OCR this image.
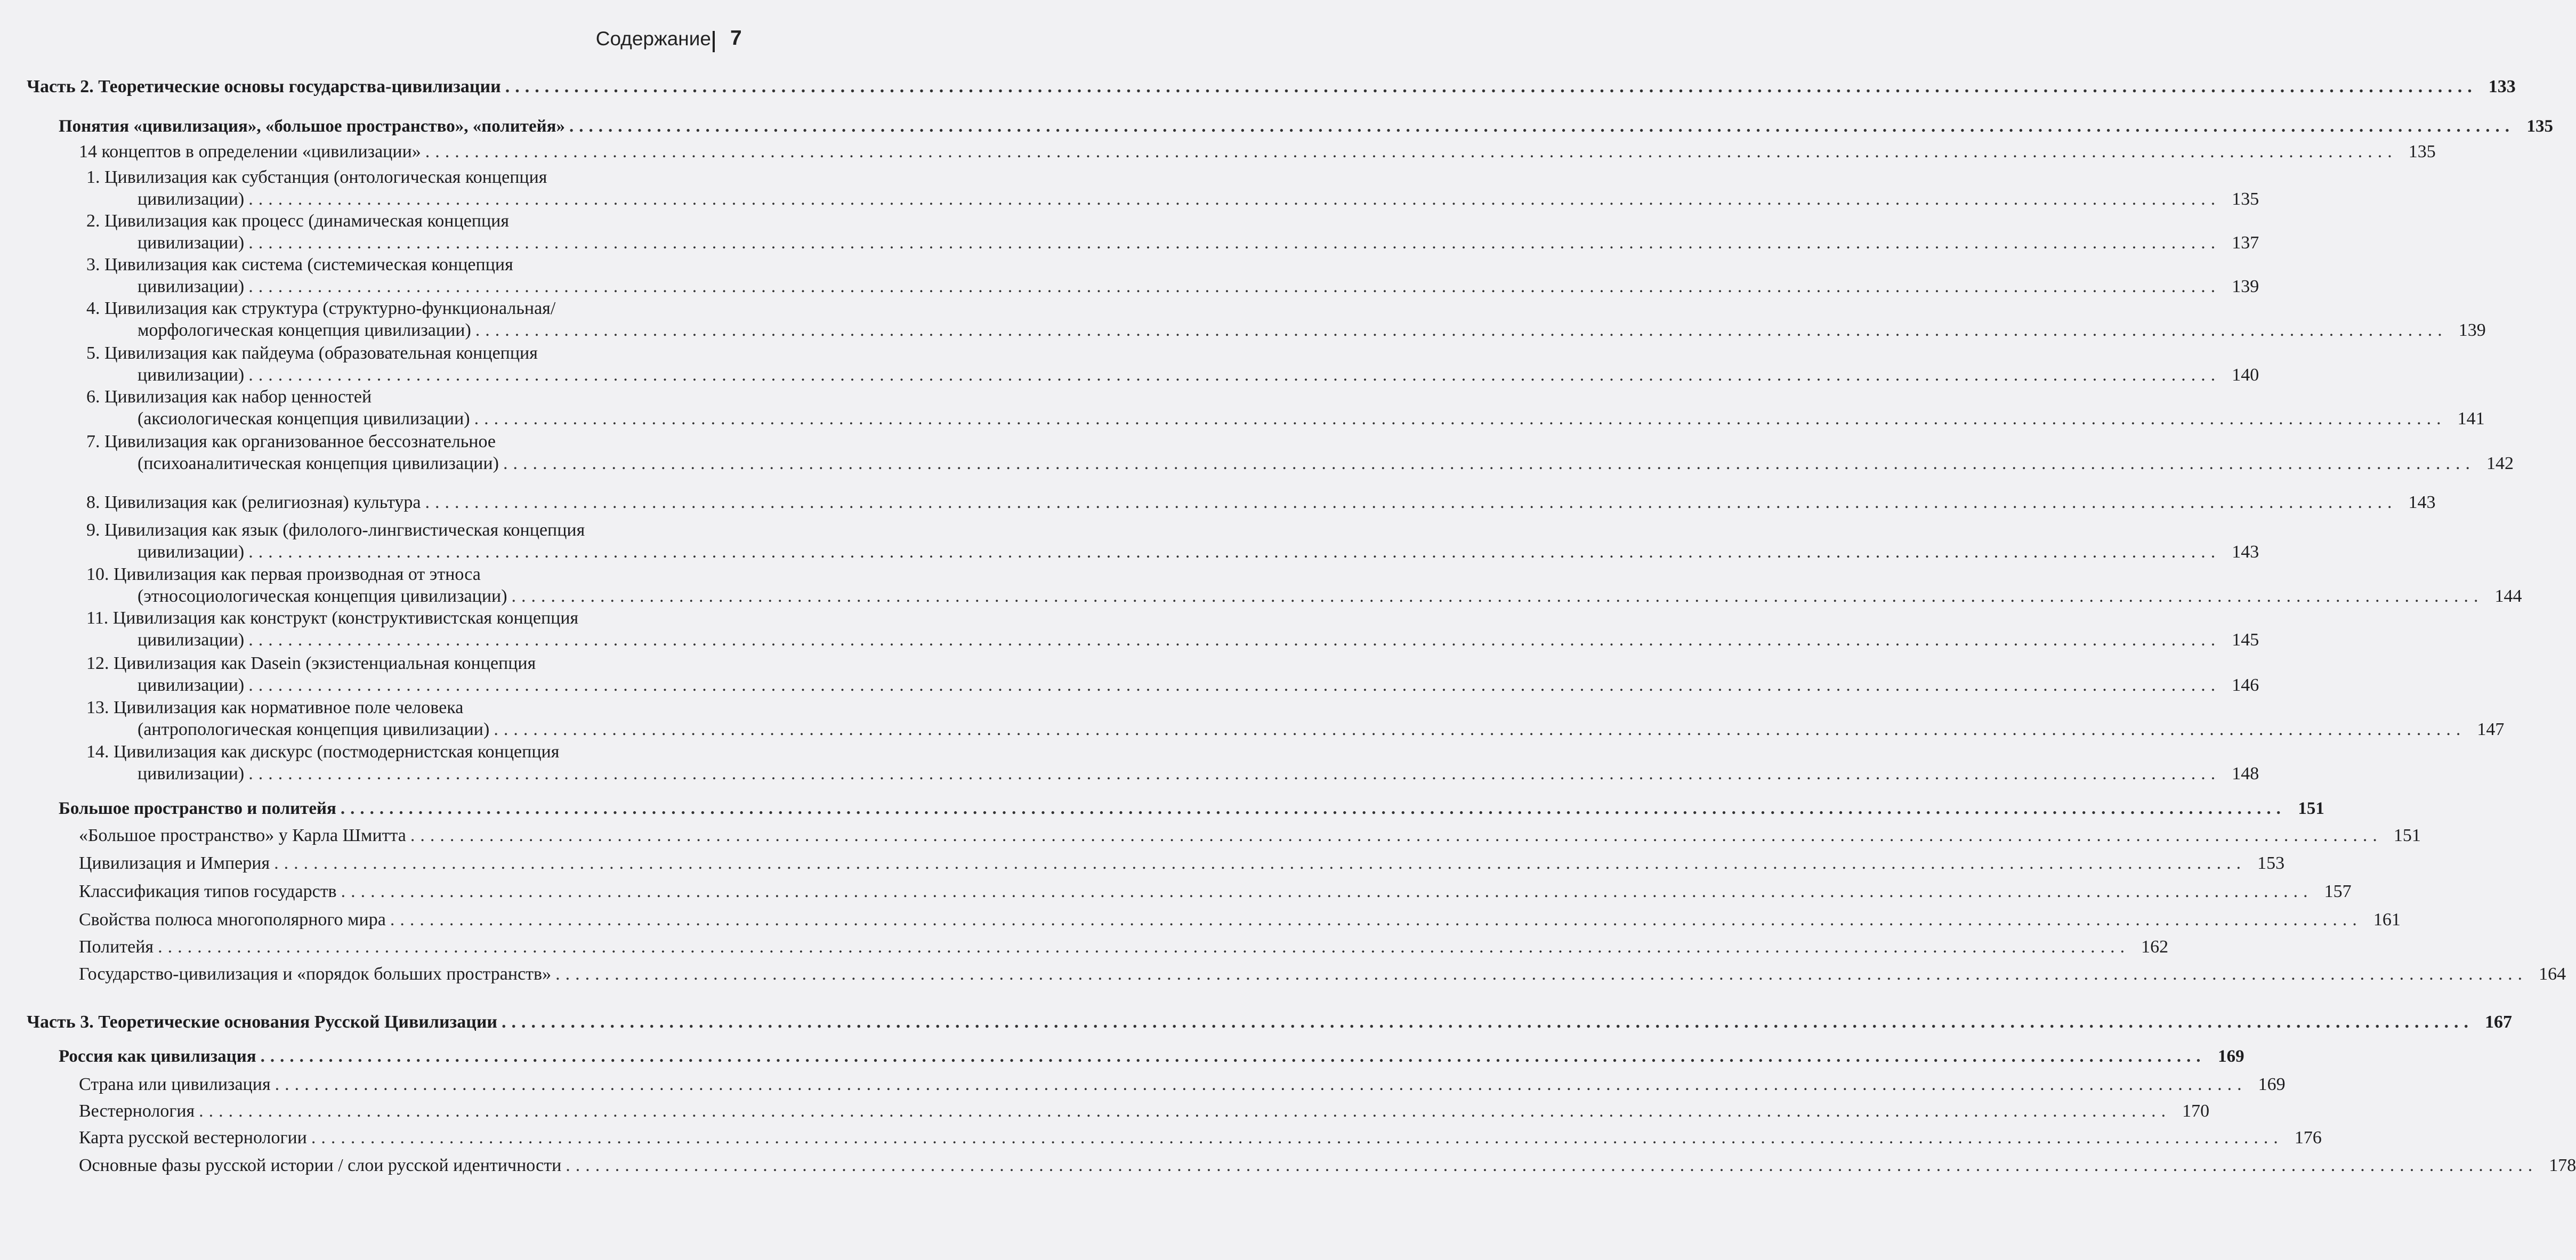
Содержание 7
Часть 2. Теоретические основы государства-цивилизации ........................................................................................................................................................................................................ 133
Понятия «цивилизация», «большое пространство», «политейя» ........................................................................................................................................................................................................ 135
14 концептов в определении «цивилизации» ........................................................................................................................................................................................................ 135
1. Цивилизация как субстанция (онтологическая концепция
цивилизации) ........................................................................................................................................................................................................ 135
2. Цивилизация как процесс (динамическая концепция
цивилизации) ........................................................................................................................................................................................................ 137
3. Цивилизация как система (системическая концепция
цивилизации) ........................................................................................................................................................................................................ 139
4. Цивилизация как структура (структурно-функциональная/
морфологическая концепция цивилизации) ........................................................................................................................................................................................................ 139
5. Цивилизация как пайдеума (образовательная концепция
цивилизации) ........................................................................................................................................................................................................ 140
6. Цивилизация как набор ценностей
(аксиологическая концепция цивилизации) ........................................................................................................................................................................................................ 141
7. Цивилизация как организованное бессознательное
(психоаналитическая концепция цивилизации) ........................................................................................................................................................................................................ 142
8. Цивилизация как (религиозная) культура ........................................................................................................................................................................................................ 143
9. Цивилизация как язык (филолого-лингвистическая концепция
цивилизации) ........................................................................................................................................................................................................ 143
10. Цивилизация как первая производная от этноса
(этносоциологическая концепция цивилизации) ........................................................................................................................................................................................................ 144
11. Цивилизация как конструкт (конструктивистская концепция
цивилизации) ........................................................................................................................................................................................................ 145
12. Цивилизация как Dasein (экзистенциальная концепция
цивилизации) ........................................................................................................................................................................................................ 146
13. Цивилизация как нормативное поле человека
(антропологическая концепция цивилизации) ........................................................................................................................................................................................................ 147
14. Цивилизация как дискурс (постмодернистская концепция
цивилизации) ........................................................................................................................................................................................................ 148
Большое пространство и политейя ........................................................................................................................................................................................................ 151
«Большое пространство» у Карла Шмитта ........................................................................................................................................................................................................ 151
Цивилизация и Империя ........................................................................................................................................................................................................ 153
Классификация типов государств ........................................................................................................................................................................................................ 157
Свойства полюса многополярного мира ........................................................................................................................................................................................................ 161
Политейя ........................................................................................................................................................................................................ 162
Государство-цивилизация и «порядок больших пространств» ........................................................................................................................................................................................................ 164
Часть 3. Теоретические основания Русской Цивилизации ........................................................................................................................................................................................................ 167
Россия как цивилизация ........................................................................................................................................................................................................ 169
Страна или цивилизация ........................................................................................................................................................................................................ 169
Вестернология ........................................................................................................................................................................................................ 170
Карта русской вестернологии ........................................................................................................................................................................................................ 176
Основные фазы русской истории / слои русской идентичности ........................................................................................................................................................................................................ 178
